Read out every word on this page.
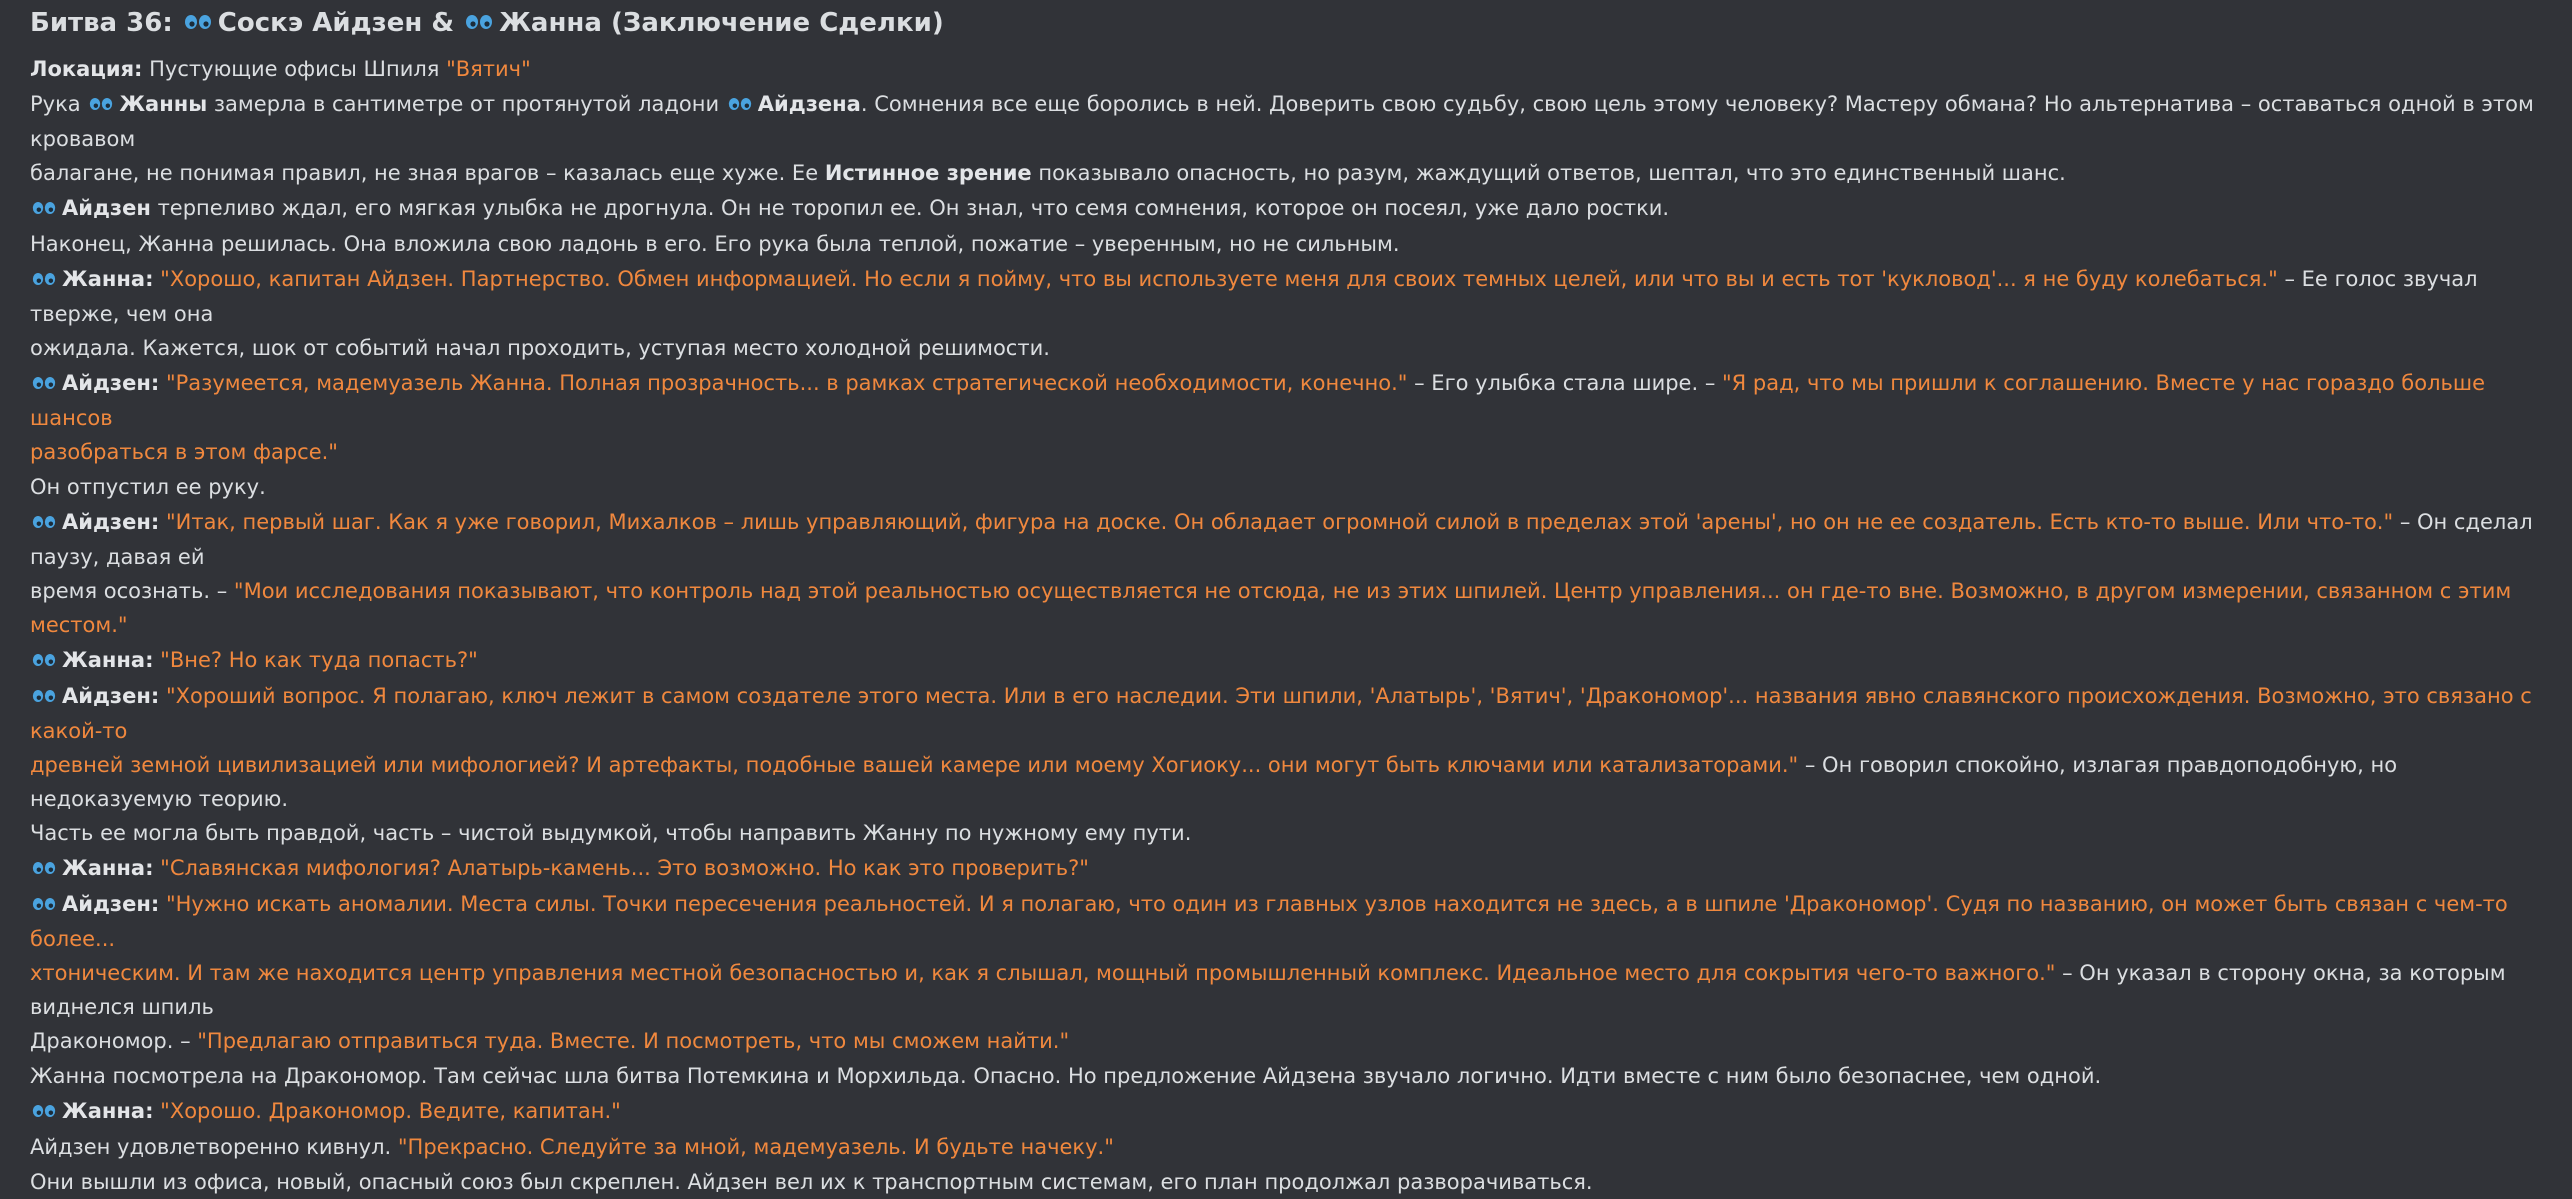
Битва 36: Соскэ Айдзен & Жанна (Заключение Сделки)
Локация: Пустующие офисы Шпиля "Вятич"
Рука Жанны замерла в сантиметре от протянутой ладони Айдзена. Сомнения все еще боролись в ней. Доверить свою судьбу, свою цель этому человеку? Мастеру обмана? Но альтернатива – оставаться одной в этом кровавом
балагане, не понимая правил, не зная врагов – казалась еще хуже. Ее Истинное зрение показывало опасность, но разум, жаждущий ответов, шептал, что это единственный шанс.
Айдзен терпеливо ждал, его мягкая улыбка не дрогнула. Он не торопил ее. Он знал, что семя сомнения, которое он посеял, уже дало ростки.
Наконец, Жанна решилась. Она вложила свою ладонь в его. Его рука была теплой, пожатие – уверенным, но не сильным.
Жанна: "Хорошо, капитан Айдзен. Партнерство. Обмен информацией. Но если я пойму, что вы используете меня для своих темных целей, или что вы и есть тот 'кукловод'... я не буду колебаться." – Ее голос звучал тверже, чем она
ожидала. Кажется, шок от событий начал проходить, уступая место холодной решимости.
Айдзен: "Разумеется, мадемуазель Жанна. Полная прозрачность... в рамках стратегической необходимости, конечно." – Его улыбка стала шире. – "Я рад, что мы пришли к соглашению. Вместе у нас гораздо больше шансов
разобраться в этом фарсе."
Он отпустил ее руку.
Айдзен: "Итак, первый шаг. Как я уже говорил, Михалков – лишь управляющий, фигура на доске. Он обладает огромной силой в пределах этой 'арены', но он не ее создатель. Есть кто-то выше. Или что-то." – Он сделал паузу, давая ей
время осознать. – "Мои исследования показывают, что контроль над этой реальностью осуществляется не отсюда, не из этих шпилей. Центр управления... он где-то вне. Возможно, в другом измерении, связанном с этим местом."
Жанна: "Вне? Но как туда попасть?"
Айдзен: "Хороший вопрос. Я полагаю, ключ лежит в самом создателе этого места. Или в его наследии. Эти шпили, 'Алатырь', 'Вятич', 'Дракономор'... названия явно славянского происхождения. Возможно, это связано с какой-то
древней земной цивилизацией или мифологией? И артефакты, подобные вашей камере или моему Хогиоку... они могут быть ключами или катализаторами." – Он говорил спокойно, излагая правдоподобную, но недоказуемую теорию.
Часть ее могла быть правдой, часть – чистой выдумкой, чтобы направить Жанну по нужному ему пути.
Жанна: "Славянская мифология? Алатырь-камень... Это возможно. Но как это проверить?"
Айдзен: "Нужно искать аномалии. Места силы. Точки пересечения реальностей. И я полагаю, что один из главных узлов находится не здесь, а в шпиле 'Дракономор'. Судя по названию, он может быть связан с чем-то более...
хтоническим. И там же находится центр управления местной безопасностью и, как я слышал, мощный промышленный комплекс. Идеальное место для сокрытия чего-то важного." – Он указал в сторону окна, за которым виднелся шпиль
Дракономор. – "Предлагаю отправиться туда. Вместе. И посмотреть, что мы сможем найти."
Жанна посмотрела на Дракономор. Там сейчас шла битва Потемкина и Морхильда. Опасно. Но предложение Айдзена звучало логично. Идти вместе с ним было безопаснее, чем одной.
Жанна: "Хорошо. Дракономор. Ведите, капитан."
Айдзен удовлетворенно кивнул. "Прекрасно. Следуйте за мной, мадемуазель. И будьте начеку."
Они вышли из офиса, новый, опасный союз был скреплен. Айдзен вел их к транспортным системам, его план продолжал разворачиваться.
